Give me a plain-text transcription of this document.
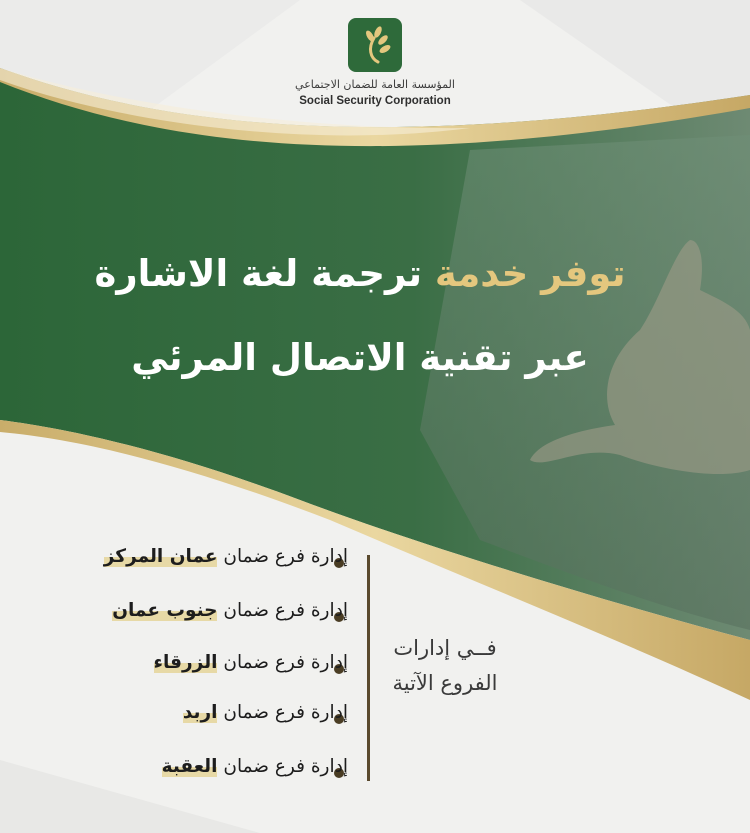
المؤسسة العامة للضمان الاجتماعي
Social Security Corporation
توفر خدمة ترجمة لغة الاشارة
عبر تقنية الاتصال المرئي
فــي إدارات
الفروع الآتية
إدارة فرع ضمان عمان المركز
إدارة فرع ضمان جنوب عمان
إدارة فرع ضمان الزرقاء
إدارة فرع ضمان اربد
إدارة فرع ضمان العقبة
